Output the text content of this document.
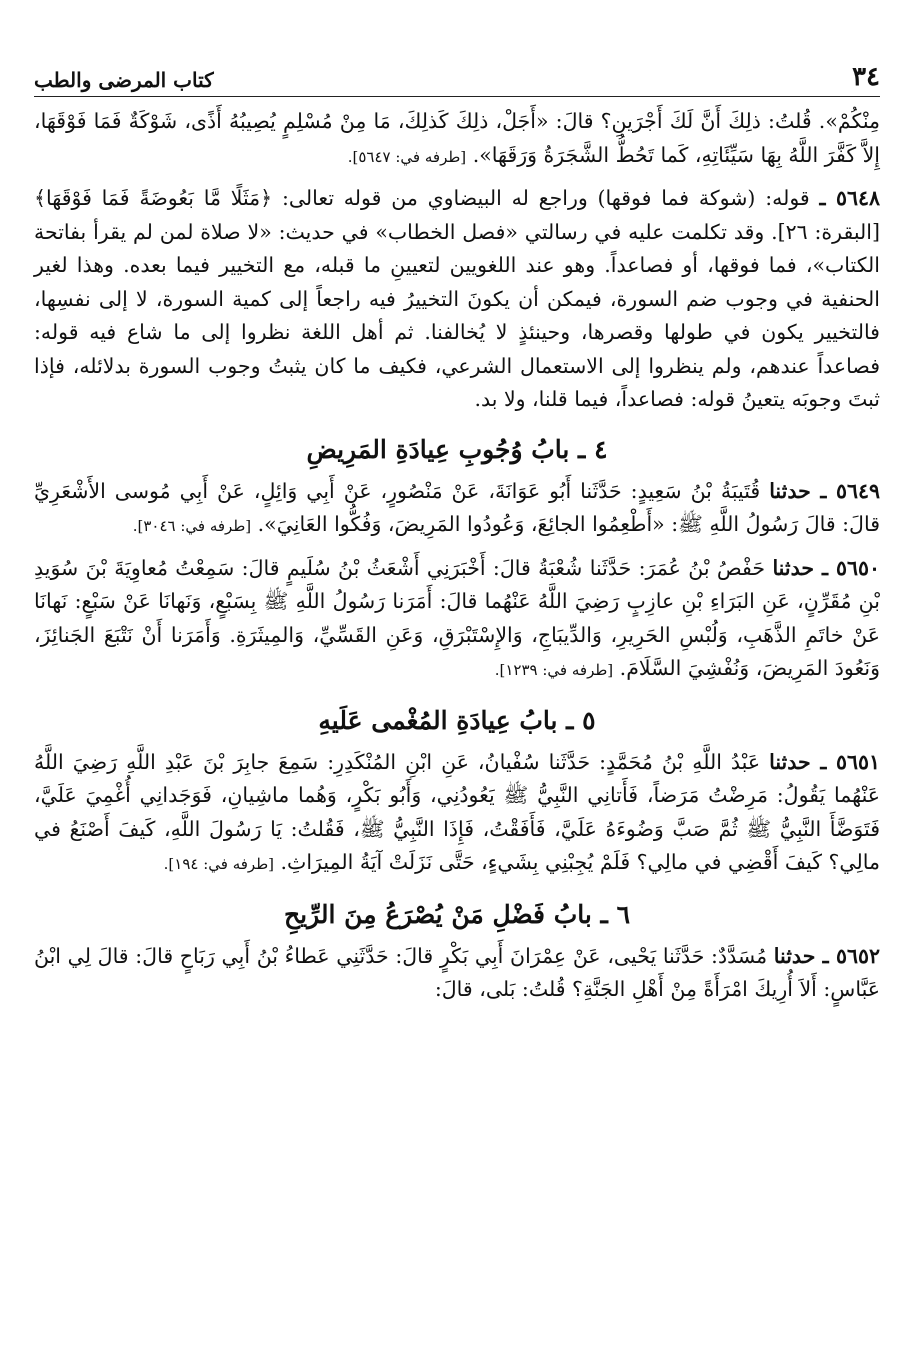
٣٤
كتاب المرضى والطب

مِنْكُمْ». قُلتُ: ذلِكَ أَنَّ لَكَ أَجْرَينِ؟ قالَ: «أَجَلْ، ذلِكَ كَذلِكَ، مَا مِنْ مُسْلِمٍ يُصِيبُهُ أَذًى، شَوْكَةٌ فَمَا فَوْقَهَا، إِلاَّ كَفَّرَ اللَّهُ بِهَا سَيِّئَاتِهِ، كَما تَحُطُّ الشَّجَرَةُ وَرَقَهَا». [طرفه في: ٥٦٤٧].

٥٦٤٨ ـ قوله: (شوكة فما فوقها) وراجع له البيضاوي من قوله تعالى: ﴿مَثَلًا مَّا بَعُوضَةً فَمَا فَوْقَهَا﴾ [البقرة: ٢٦]. وقد تكلمت عليه في رسالتي «فصل الخطاب» في حديث: «لا صلاة لمن لم يقرأ بفاتحة الكتاب»، فما فوقها، أو فصاعداً. وهو عند اللغويين لتعيينِ ما قبله، مع التخيير فيما بعده. وهذا لغير الحنفية في وجوب ضم السورة، فيمكن أن يكونَ التخييرُ فيه راجعاً إلى كمية السورة، لا إلى نفسِها، فالتخيير يكون في طولها وقصرها، وحينئذٍ لا يُخالفنا. ثم أهل اللغة نظروا إلى ما شاع فيه قوله: فصاعداً عندهم، ولم ينظروا إلى الاستعمال الشرعي، فكيف ما كان يثبتُ وجوب السورة بدلائله، فإذا ثبتَ وجوبَه يتعينُ قوله: فصاعداً، فيما قلنا، ولا بد.

٤ ـ بابُ وُجُوبِ عِيادَةِ المَرِيضِ

٥٦٤٩ ـ حدثنا قُتَيبَةُ بْنُ سَعِيدٍ: حَدَّثَنا أَبُو عَوَانَةَ، عَنْ مَنْصُورٍ، عَنْ أَبِي وَائِلٍ، عَنْ أَبِي مُوسى الأَشْعَرِيِّ قالَ: قالَ رَسُولُ اللَّهِ ﷺ: «أَطْعِمُوا الجائِعَ، وَعُودُوا المَرِيضَ، وَفُكُّوا العَانِيَ». [طرفه في: ٣٠٤٦].

٥٦٥٠ ـ حدثنا حَفْصُ بْنُ عُمَرَ: حَدَّثَنا شُعْبَةُ قالَ: أَخْبَرَنِي أَشْعَثُ بْنُ سُلَيمٍ قالَ: سَمِعْتُ مُعاوِيَةَ بْنَ سُوَيدِ بْنِ مُقَرِّنٍ، عَنِ البَرَاءِ بْنِ عازِبٍ رَضِيَ اللَّهُ عَنْهُما قالَ: أَمَرَنا رَسُولُ اللَّهِ ﷺ بِسَبْعٍ، وَنَهانَا عَنْ سَبْعٍ: نَهانَا عَنْ خاتَمِ الذَّهَبِ، وَلُبْسِ الحَرِيرِ، وَالدِّيبَاجِ، وَالإِسْتَبْرَقِ، وَعَنِ القَسِّيِّ، وَالمِيثَرَةِ. وَأَمَرَنا أَنْ نَتْبَعَ الجَنائِزَ، وَنَعُودَ المَرِيضَ، وَنُفْشِيَ السَّلَامَ. [طرفه في: ١٢٣٩].

٥ ـ بابُ عِيادَةِ المُغْمى عَلَيهِ

٥٦٥١ ـ حدثنا عَبْدُ اللَّهِ بْنُ مُحَمَّدٍ: حَدَّثَنا سُفْيانُ، عَنِ ابْنِ المُنْكَدِرِ: سَمِعَ جابِرَ بْنَ عَبْدِ اللَّهِ رَضِيَ اللَّهُ عَنْهُما يَقُولُ: مَرِضْتُ مَرَضاً، فَأَتانِي النَّبِيُّ ﷺ يَعُودُنِي، وَأَبُو بَكْرٍ، وَهُما ماشِيانِ، فَوَجَدانِي أُغْمِيَ عَلَيَّ، فَتَوَضَّأَ النَّبِيُّ ﷺ ثُمَّ صَبَّ وَضُوءَهُ عَلَيَّ، فَأَفَقْتُ، فَإِذَا النَّبِيُّ ﷺ، فَقُلتُ: يَا رَسُولَ اللَّهِ، كَيفَ أَصْنَعُ في مالِي؟ كَيفَ أَقْضِي في مالِي؟ فَلَمْ يُجِبْنِي بِشَيءٍ، حَتَّى نَزَلَتْ آيَةُ المِيرَاثِ. [طرفه في: ١٩٤].

٦ ـ بابُ فَضْلِ مَنْ يُصْرَعُ مِنَ الرِّيحِ

٥٦٥٢ ـ حدثنا مُسَدَّدٌ: حَدَّثَنا يَحْيى، عَنْ عِمْرَانَ أَبِي بَكْرٍ قالَ: حَدَّثَنِي عَطاءُ بْنُ أَبِي رَبَاحٍ قالَ: قالَ لِي ابْنُ عَبَّاسٍ: أَلاَ أُرِيكَ امْرَأَةً مِنْ أَهْلِ الجَنَّةِ؟ قُلتُ: بَلى، قالَ:
